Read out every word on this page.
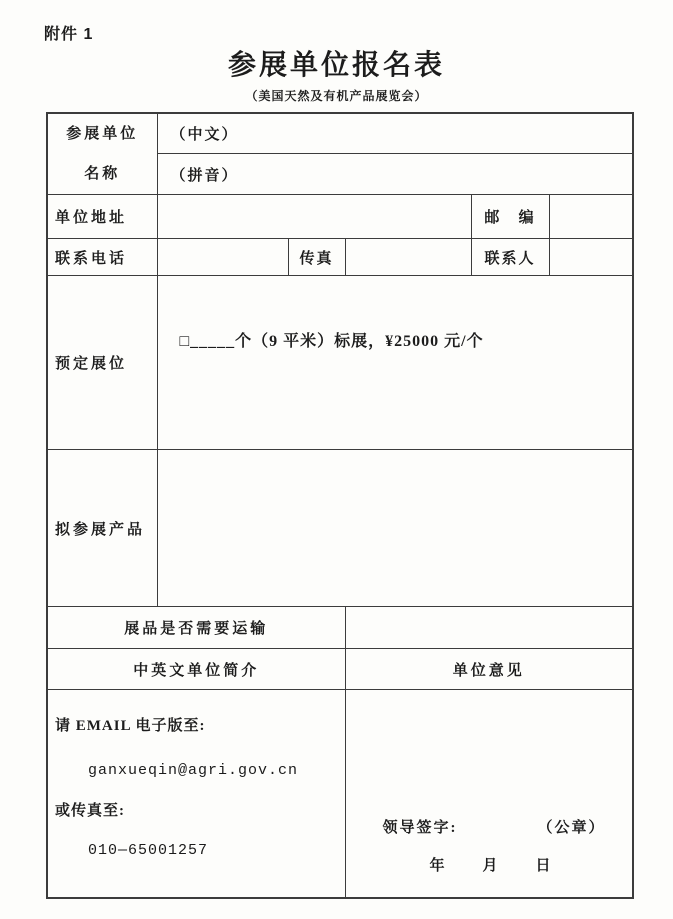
附件 1
参展单位报名表
（美国天然及有机产品展览会）
参展单位
名称	（中文）				
	（拼音）				
单位地址				邮   编	
联系电话		传真		联系人	
预定展位	□_____个（9 平米）标展，¥25000 元/个				
拟参展产品					
展品是否需要运输					
中英文单位简介			单位意见		

请 EMAIL 电子版至:
ganxueqin@agri.gov.cn
或传真至:
010—65001257

领导签字:	（公章）
年	月	日
